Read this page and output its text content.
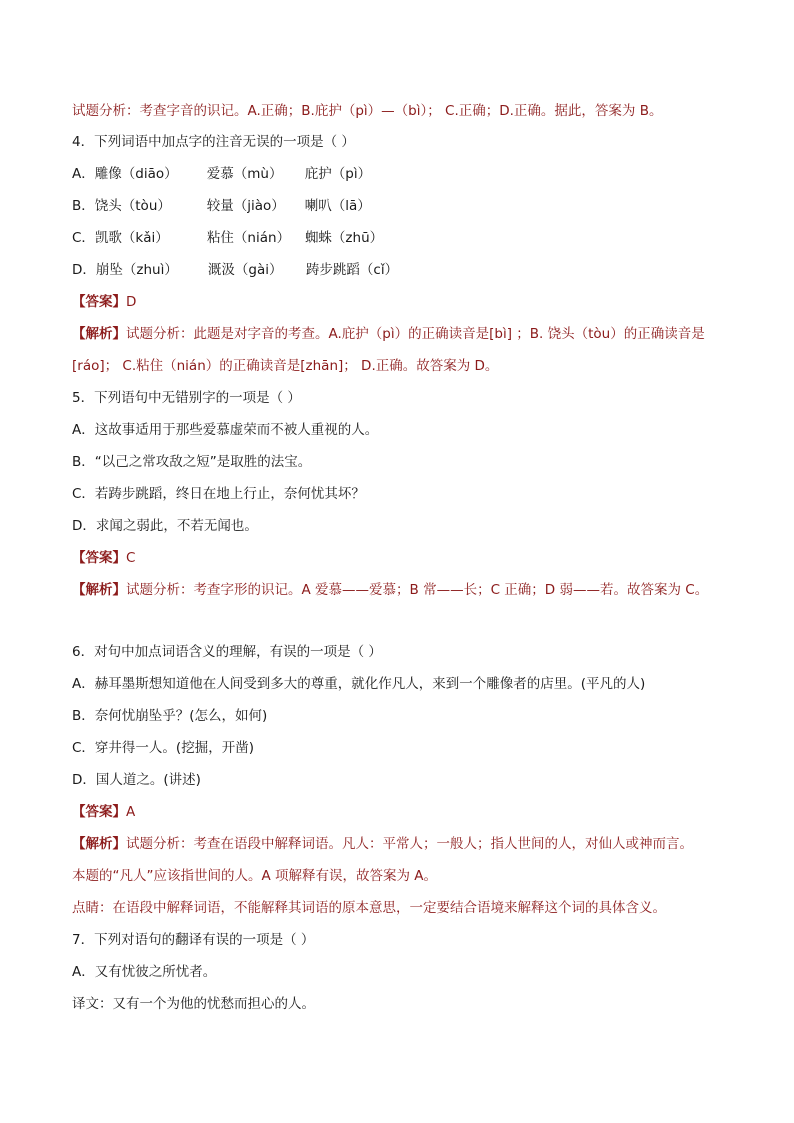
试题分析：考查字音的识记。A.正确；B.庇护（pì）—（bì）； C.正确；D.正确。据此，答案为 B。
4．下列词语中加点字的注音无误的一项是（ ）
A．雕像（diāo） 爱慕（mù） 庇护（pì）
B．饶头（tòu）	较量（jiào） 喇叭（lā）
C．凯歌（kǎi）	粘住（nián） 蜘蛛（zhū）
D．崩坠（zhuì） 溉汲（gài） 踌步跳蹈（cǐ）
【答案】D
【解析】试题分析：此题是对字音的考查。A.庇护（pì）的正确读音是[bì] ；B. 饶头（tòu）的正确读音是
[ráo]； C.粘住（nián）的正确读音是[zhān]； D.正确。故答案为 D。
5．下列语句中无错别字的一项是（ ）
A．这故事适用于那些爱慕虚荣而不被人重视的人。
B．“以己之常攻敌之短”是取胜的法宝。
C．若踌步跳蹈，终日在地上行止，奈何忧其坏？
D．求闻之弱此，不若无闻也。
【答案】C
【解析】试题分析：考查字形的识记。A 爱慕——爱慕；B 常——长；C 正确；D 弱——若。故答案为 C。
6．对句中加点词语含义的理解，有误的一项是（ ）
A．赫耳墨斯想知道他在人间受到多大的尊重，就化作凡人，来到一个雕像者的店里。(平凡的人)
B．奈何忧崩坠乎？(怎么，如何)
C．穿井得一人。(挖掘，开凿)
D．国人道之。(讲述)
【答案】A
【解析】试题分析：考查在语段中解释词语。凡人：平常人；一般人；指人世间的人，对仙人或神而言。
本题的“凡人”应该指世间的人。A 项解释有误，故答案为 A。
点睛：在语段中解释词语，不能解释其词语的原本意思，一定要结合语境来解释这个词的具体含义。
7．下列对语句的翻译有误的一项是（ ）
A．又有忧彼之所忧者。
译文：又有一个为他的忧愁而担心的人。
